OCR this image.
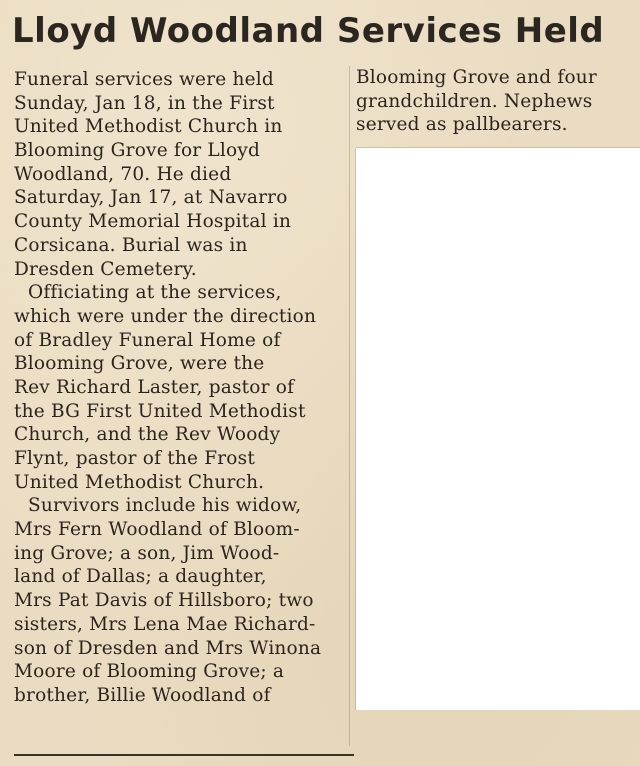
Lloyd Woodland Services Held
Funeral services were held
Sunday, Jan 18, in the First
United Methodist Church in
Blooming Grove for Lloyd
Woodland, 70. He died
Saturday, Jan 17, at Navarro
County Memorial Hospital in
Corsicana. Burial was in
Dresden Cemetery.
Officiating at the services,
which were under the direction
of Bradley Funeral Home of
Blooming Grove, were the
Rev Richard Laster, pastor of
the BG First United Methodist
Church, and the Rev Woody
Flynt, pastor of the Frost
United Methodist Church.
Survivors include his widow,
Mrs Fern Woodland of Bloom-
ing Grove; a son, Jim Wood-
land of Dallas; a daughter,
Mrs Pat Davis of Hillsboro; two
sisters, Mrs Lena Mae Richard-
son of Dresden and Mrs Winona
Moore of Blooming Grove; a
brother, Billie Woodland of
Blooming Grove and four
grandchildren. Nephews
served as pallbearers.
